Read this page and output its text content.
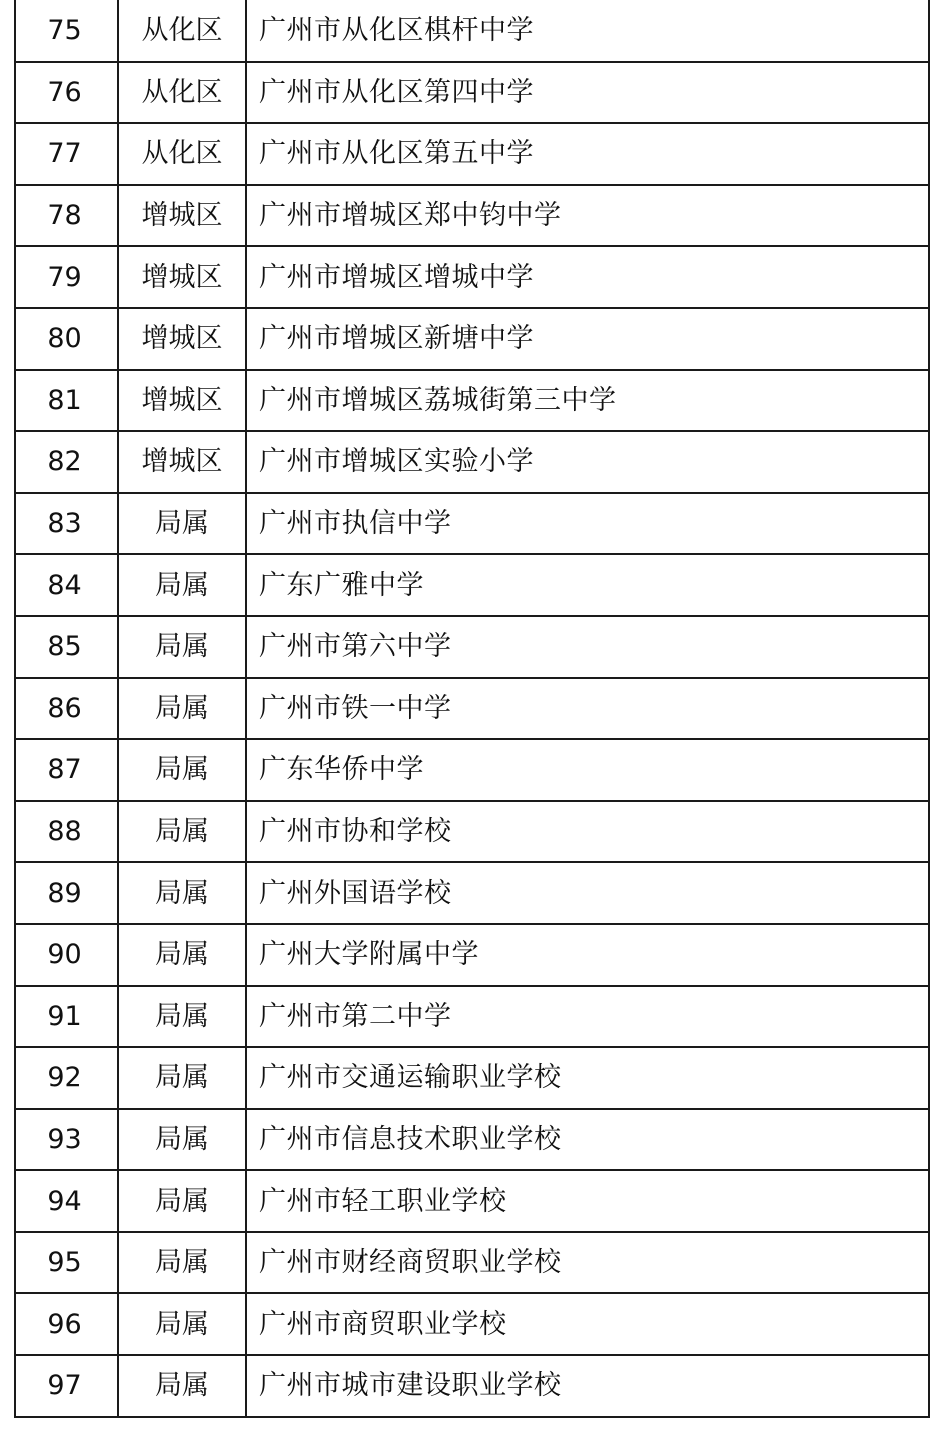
75	从化区	广州市从化区棋杆中学
76	从化区	广州市从化区第四中学
77	从化区	广州市从化区第五中学
78	增城区	广州市增城区郑中钧中学
79	增城区	广州市增城区增城中学
80	增城区	广州市增城区新塘中学
81	增城区	广州市增城区荔城街第三中学
82	增城区	广州市增城区实验小学
83	局属	广州市执信中学
84	局属	广东广雅中学
85	局属	广州市第六中学
86	局属	广州市铁一中学
87	局属	广东华侨中学
88	局属	广州市协和学校
89	局属	广州外国语学校
90	局属	广州大学附属中学
91	局属	广州市第二中学
92	局属	广州市交通运输职业学校
93	局属	广州市信息技术职业学校
94	局属	广州市轻工职业学校
95	局属	广州市财经商贸职业学校
96	局属	广州市商贸职业学校
97	局属	广州市城市建设职业学校
